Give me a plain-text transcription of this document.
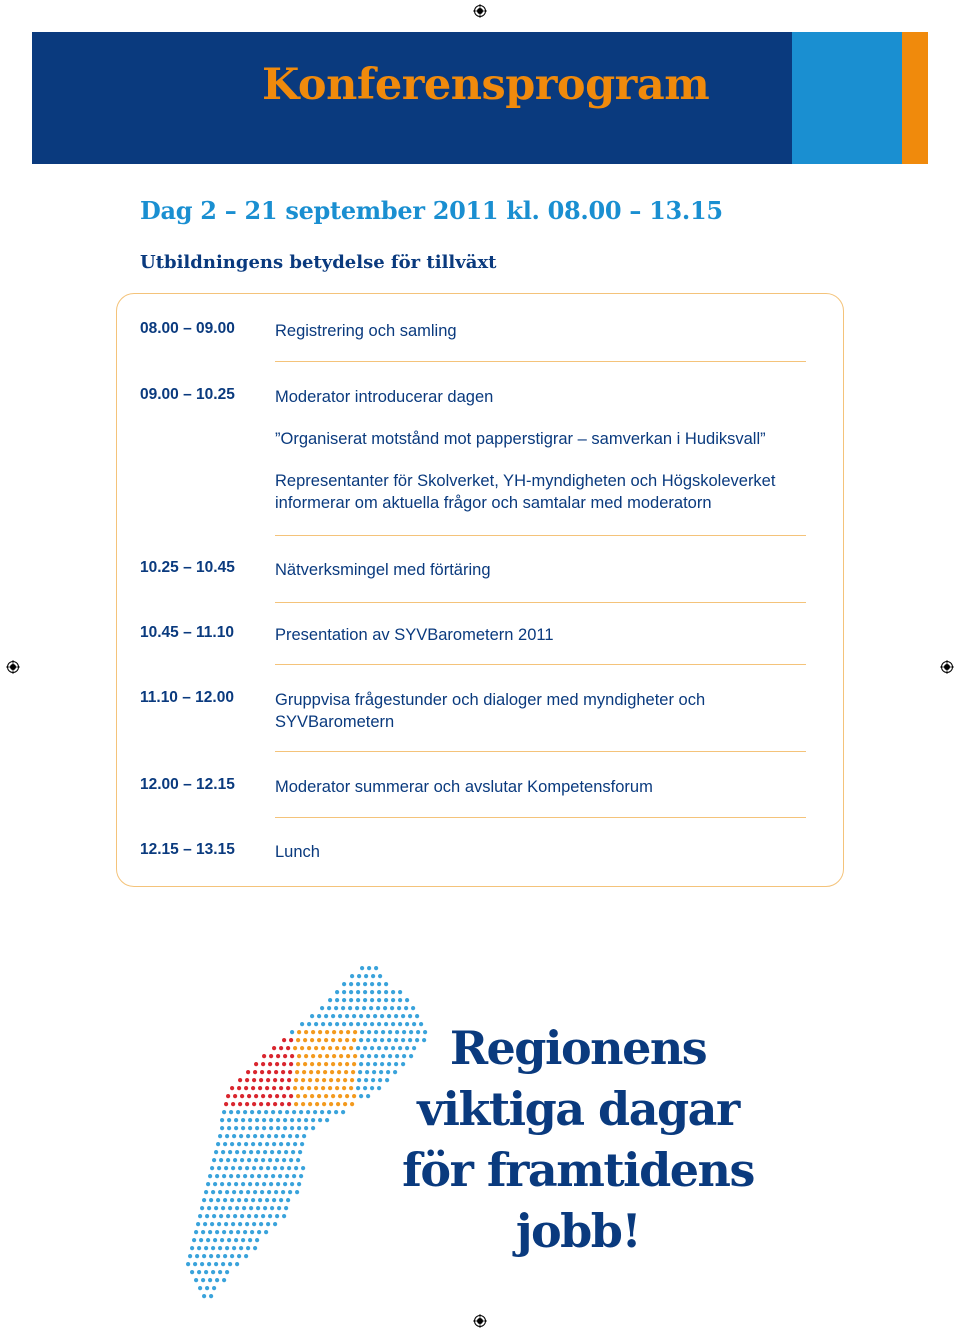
Konferensprogram
Dag 2 – 21 september 2011 kl. 08.00 – 13.15
Utbildningens betydelse för tillväxt
08.00 – 09.00	Registrering och samling

09.00 – 10.25	Moderator introducerar dagen

”Organiserat motstånd mot papperstigrar – samverkan i Hudiksvall”

Representanter för Skolverket, YH-myndigheten och Högskoleverket informerar om aktuella frågor och samtalar med moderatorn

10.25 – 10.45	Nätverksmingel med förtäring

10.45 – 11.10	Presentation av SYVBarometern 2011

11.10 – 12.00	Gruppvisa frågestunder och dialoger med myndigheter och SYVBarometern

12.00 – 12.15	Moderator summerar och avslutar Kompetensforum

12.15 – 13.15	Lunch

Regionens
viktiga dagar
för framtidens
jobb!
